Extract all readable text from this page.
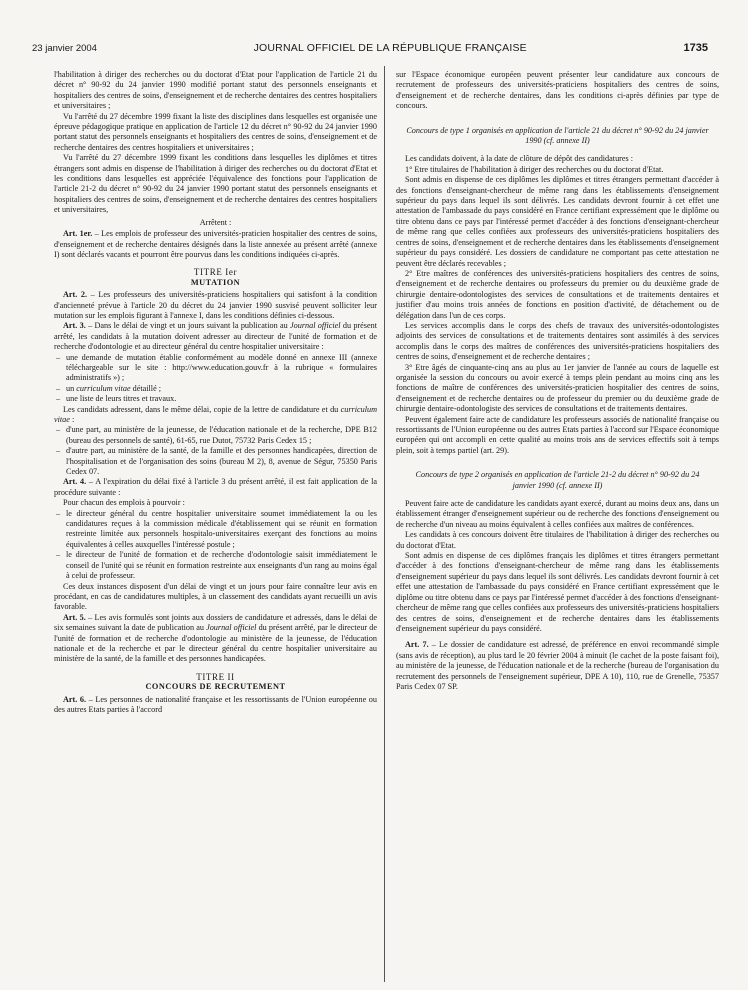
23 janvier 2004	JOURNAL OFFICIEL DE LA RÉPUBLIQUE FRANÇAISE	1735

l'habilitation à diriger des recherches ou du doctorat d'Etat pour l'application de l'article 21 du décret n° 90-92 du 24 janvier 1990 modifié portant statut des personnels enseignants et hospitaliers des centres de soins, d'enseignement et de recherche dentaires des centres hospitaliers et universitaires ;

Vu l'arrêté du 27 décembre 1999 fixant la liste des disciplines dans lesquelles est organisée une épreuve pédagogique pratique en application de l'article 12 du décret n° 90-92 du 24 janvier 1990 portant statut des personnels enseignants et hospitaliers des centres de soins, d'enseignement et de recherche dentaires des centres hospitaliers et universitaires ;

Vu l'arrêté du 27 décembre 1999 fixant les conditions dans lesquelles les diplômes et titres étrangers sont admis en dispense de l'habilitation à diriger des recherches ou du doctorat d'Etat et les conditions dans lesquelles est appréciée l'équivalence des fonctions pour l'application de l'article 21-2 du décret n° 90-92 du 24 janvier 1990 portant statut des personnels enseignants et hospitaliers des centres de soins, d'enseignement et de recherche dentaires des centres hospitaliers et universitaires,

Arrêtent :

Art. 1er. – Les emplois de professeur des universités-praticien hospitalier des centres de soins, d'enseignement et de recherche dentaires désignés dans la liste annexée au présent arrêté (annexe I) sont déclarés vacants et pourront être pourvus dans les conditions indiquées ci-après.

TITRE Ier

MUTATION

Art. 2. – Les professeurs des universités-praticiens hospitaliers qui satisfont à la condition d'ancienneté prévue à l'article 20 du décret du 24 janvier 1990 susvisé peuvent solliciter leur mutation sur les emplois figurant à l'annexe I, dans les conditions définies ci-dessous.

Art. 3. – Dans le délai de vingt et un jours suivant la publication au Journal officiel du présent arrêté, les candidats à la mutation doivent adresser au directeur de l'unité de formation et de recherche d'odontologie et au directeur général du centre hospitalier universitaire :

– une demande de mutation établie conformément au modèle donné en annexe III (annexe téléchargeable sur le site : http://www.education.gouv.fr à la rubrique « formulaires administratifs ») ;
– un curriculum vitae détaillé ;
– une liste de leurs titres et travaux.

Les candidats adressent, dans le même délai, copie de la lettre de candidature et du curriculum vitae :

– d'une part, au ministère de la jeunesse, de l'éducation nationale et de la recherche, DPE B12 (bureau des personnels de santé), 61-65, rue Dutot, 75732 Paris Cedex 15 ;
– d'autre part, au ministère de la santé, de la famille et des personnes handicapées, direction de l'hospitalisation et de l'organisation des soins (bureau M 2), 8, avenue de Ségur, 75350 Paris Cedex 07.

Art. 4. – A l'expiration du délai fixé à l'article 3 du présent arrêté, il est fait application de la procédure suivante :

Pour chacun des emplois à pourvoir :

– le directeur général du centre hospitalier universitaire soumet immédiatement la ou les candidatures reçues à la commission médicale d'établissement qui se réunit en formation restreinte limitée aux personnels hospitalo-universitaires exerçant des fonctions au moins équivalentes à celles auxquelles l'intéressé postule ;
– le directeur de l'unité de formation et de recherche d'odontologie saisit immédiatement le conseil de l'unité qui se réunit en formation restreinte aux enseignants d'un rang au moins égal à celui de professeur.

Ces deux instances disposent d'un délai de vingt et un jours pour faire connaître leur avis en procédant, en cas de candidatures multiples, à un classement des candidats ayant recueilli un avis favorable.

Art. 5. – Les avis formulés sont joints aux dossiers de candidature et adressés, dans le délai de six semaines suivant la date de publication au Journal officiel du présent arrêté, par le directeur de l'unité de formation et de recherche d'odontologie au ministère de la jeunesse, de l'éducation nationale et de la recherche et par le directeur général du centre hospitalier universitaire au ministère de la santé, de la famille et des personnes handicapées.

TITRE II

CONCOURS DE RECRUTEMENT

Art. 6. – Les personnes de nationalité française et les ressortissants de l'Union européenne ou des autres Etats parties à l'accord

sur l'Espace économique européen peuvent présenter leur candidature aux concours de recrutement de professeurs des universités-praticiens hospitaliers des centres de soins, d'enseignement et de recherche dentaires, dans les conditions ci-après définies par type de concours.

Concours de type 1 organisés en application de l'article 21 du décret n° 90-92 du 24 janvier 1990 (cf. annexe II)

Les candidats doivent, à la date de clôture de dépôt des candidatures :

1° Etre titulaires de l'habilitation à diriger des recherches ou du doctorat d'Etat.

Sont admis en dispense de ces diplômes les diplômes et titres étrangers permettant d'accéder à des fonctions d'enseignant-chercheur de même rang dans les établissements d'enseignement supérieur du pays dans lequel ils sont délivrés. Les candidats devront fournir à cet effet une attestation de l'ambassade du pays considéré en France certifiant expressément que le diplôme ou titre obtenu dans ce pays par l'intéressé permet d'accéder à des fonctions d'enseignant-chercheur de même rang que celles confiées aux professeurs des universités-praticiens hospitaliers des centres de soins, d'enseignement et de recherche dentaires dans les établissements d'enseignement supérieur du pays considéré. Les dossiers de candidature ne comportant pas cette attestation ne peuvent être déclarés recevables ;

2° Etre maîtres de conférences des universités-praticiens hospitaliers des centres de soins, d'enseignement et de recherche dentaires ou professeurs du premier ou du deuxième grade de chirurgie dentaire-odontologistes des services de consultations et de traitements dentaires et justifier d'au moins trois années de fonctions en position d'activité, de détachement ou de délégation dans l'un de ces corps.

Les services accomplis dans le corps des chefs de travaux des universités-odontologistes adjoints des services de consultations et de traitements dentaires sont assimilés à des services accomplis dans le corps des maîtres de conférences des universités-praticiens hospitaliers des centres de soins, d'enseignement et de recherche dentaires ;

3° Etre âgés de cinquante-cinq ans au plus au 1er janvier de l'année au cours de laquelle est organisée la session du concours ou avoir exercé à temps plein pendant au moins cinq ans les fonctions de maître de conférences des universités-praticien hospitalier des centres de soins, d'enseignement et de recherche dentaires ou de professeur du premier ou du deuxième grade de chirurgie dentaire-odontologiste des services de consultations et de traitements dentaires.

Peuvent également faire acte de candidature les professeurs associés de nationalité française ou ressortissants de l'Union européenne ou des autres Etats parties à l'accord sur l'Espace économique européen qui ont accompli en cette qualité au moins trois ans de services effectifs soit à temps plein, soit à temps partiel (art. 29).

Concours de type 2 organisés en application de l'article 21-2 du décret n° 90-92 du 24 janvier 1990 (cf. annexe II)

Peuvent faire acte de candidature les candidats ayant exercé, durant au moins deux ans, dans un établissement étranger d'enseignement supérieur ou de recherche des fonctions d'enseignement ou de recherche d'un niveau au moins équivalent à celles confiées aux maîtres de conférences.

Les candidats à ces concours doivent être titulaires de l'habilitation à diriger des recherches ou du doctorat d'Etat.

Sont admis en dispense de ces diplômes français les diplômes et titres étrangers permettant d'accéder à des fonctions d'enseignant-chercheur de même rang dans les établissements d'enseignement supérieur du pays dans lequel ils sont délivrés. Les candidats devront fournir à cet effet une attestation de l'ambassade du pays considéré en France certifiant expressément que le diplôme ou titre obtenu dans ce pays par l'intéressé permet d'accéder à des fonctions d'enseignant-chercheur de même rang que celles confiées aux professeurs des universités-praticiens hospitaliers des centres de soins, d'enseignement et de recherche dentaires dans les établissements d'enseignement supérieur du pays considéré.

Art. 7. – Le dossier de candidature est adressé, de préférence en envoi recommandé simple (sans avis de réception), au plus tard le 20 février 2004 à minuit (le cachet de la poste faisant foi), au ministère de la jeunesse, de l'éducation nationale et de la recherche (bureau de l'organisation du recrutement des personnels de l'enseignement supérieur, DPE A 10), 110, rue de Grenelle, 75357 Paris Cedex 07 SP.
